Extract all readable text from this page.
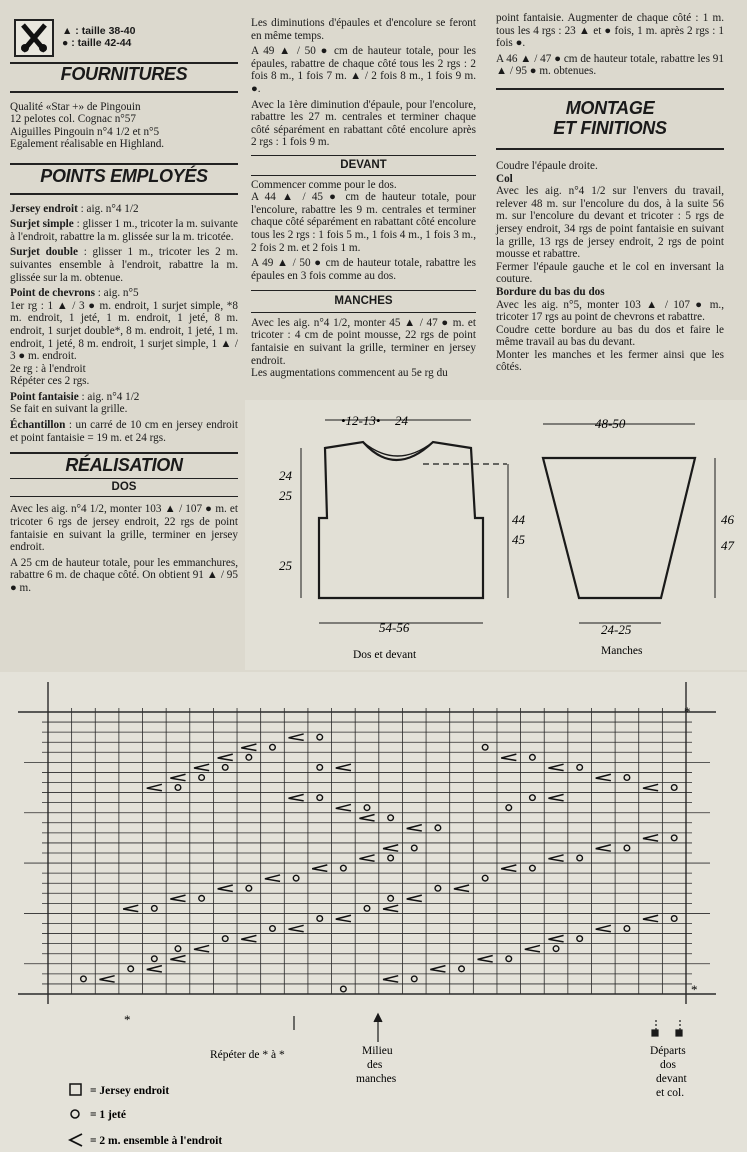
▲ : taille 38-40
● : taille 42-44
FOURNITURES
Qualité «Star +» de Pingouin
12 pelotes col. Cognac n°57
Aiguilles Pingouin n°4 1/2 et n°5
Egalement réalisable en Highland.
POINTS EMPLOYÉS

Jersey endroit : aig. n°4 1/2

Surjet simple : glisser 1 m., tricoter la m. suivante à l'endroit, rabattre la m. glissée sur la m. tricotée.

Surjet double : glisser 1 m., tricoter les 2 m. suivantes ensemble à l'endroit, rabattre la m. glissée sur la m. obtenue.

Point de chevrons : aig. n°5

1er rg : 1 ▲ / 3 ● m. endroit, 1 surjet simple, *8 m. endroit, 1 jeté, 1 m. endroit, 1 jeté, 8 m. endroit, 1 surjet double*, 8 m. endroit, 1 jeté, 1 m. endroit, 1 jeté, 8 m. endroit, 1 surjet simple, 1 ▲ / 3 ● m. endroit.

2e rg : à l'endroit

Répéter ces 2 rgs.

Point fantaisie : aig. n°4 1/2

Se fait en suivant la grille.

Échantillon : un carré de 10 cm en jersey endroit et point fantaisie = 19 m. et 24 rgs.

RÉALISATION
DOS

Avec les aig. n°4 1/2, monter 103 ▲ / 107 ● m. et tricoter 6 rgs de jersey endroit, 22 rgs de point fantaisie en suivant la grille, terminer en jersey endroit.

A 25 cm de hauteur totale, pour les emmanchures, rabattre 6 m. de chaque côté. On obtient 91 ▲ / 95 ● m.

Les diminutions d'épaules et d'encolure se feront en même temps.

A 49 ▲ / 50 ● cm de hauteur totale, pour les épaules, rabattre de chaque côté tous les 2 rgs : 2 fois 8 m., 1 fois 7 m. ▲ / 2 fois 8 m., 1 fois 9 m. ●.

Avec la 1ère diminution d'épaule, pour l'encolure, rabattre les 27 m. centrales et terminer chaque côté séparément en rabattant côté encolure après 2 rgs : 1 fois 9 m.

DEVANT

Commencer comme pour le dos.

A 44 ▲ / 45 ● cm de hauteur totale, pour l'encolure, rabattre les 9 m. centrales et terminer chaque côté séparément en rabattant côté encolure tous les 2 rgs : 1 fois 5 m., 1 fois 4 m., 1 fois 3 m., 2 fois 2 m. et 2 fois 1 m.

A 49 ▲ / 50 ● cm de hauteur totale, rabattre les épaules en 3 fois comme au dos.

MANCHES

Avec les aig. n°4 1/2, monter 45 ▲ / 47 ● m. et tricoter : 4 cm de point mousse, 22 rgs de point fantaisie en suivant la grille, terminer en jersey endroit.

Les augmentations commencent au 5e rg du

point fantaisie. Augmenter de chaque côté : 1 m. tous les 4 rgs : 23 ▲ et ● fois, 1 m. après 2 rgs : 1 fois ●.

A 46 ▲ / 47 ● cm de hauteur totale, rabattre les 91 ▲ / 95 ● m. obtenues.

MONTAGE
ET FINITIONS

Coudre l'épaule droite.

Col

Avec les aig. n°4 1/2 sur l'envers du travail, relever 48 m. sur l'encolure du dos, à la suite 56 m. sur l'encolure du devant et tricoter : 5 rgs de jersey endroit, 34 rgs de point fantaisie en suivant la grille, 13 rgs de jersey endroit, 2 rgs de point mousse et rabattre.

Fermer l'épaule gauche et le col en inversant la couture.

Bordure du bas du dos

Avec les aig. n°5, monter 103 ▲ / 107 ● m., tricoter 17 rgs au point de chevrons et rabattre.

Coudre cette bordure au bas du dos et faire le même travail au bas du devant.

Monter les manches et les fermer ainsi que les côtés.

•12-13• 24
24
25
25
44
45
54-56
Dos et devant
48-50
46
47
24-25
Manches
*
*
*
Répéter de * à *	Milieu
des
manches
Départs
dos
devant
et col.
= Jersey endroit
= 1 jeté
= 2 m. ensemble à l'endroit
